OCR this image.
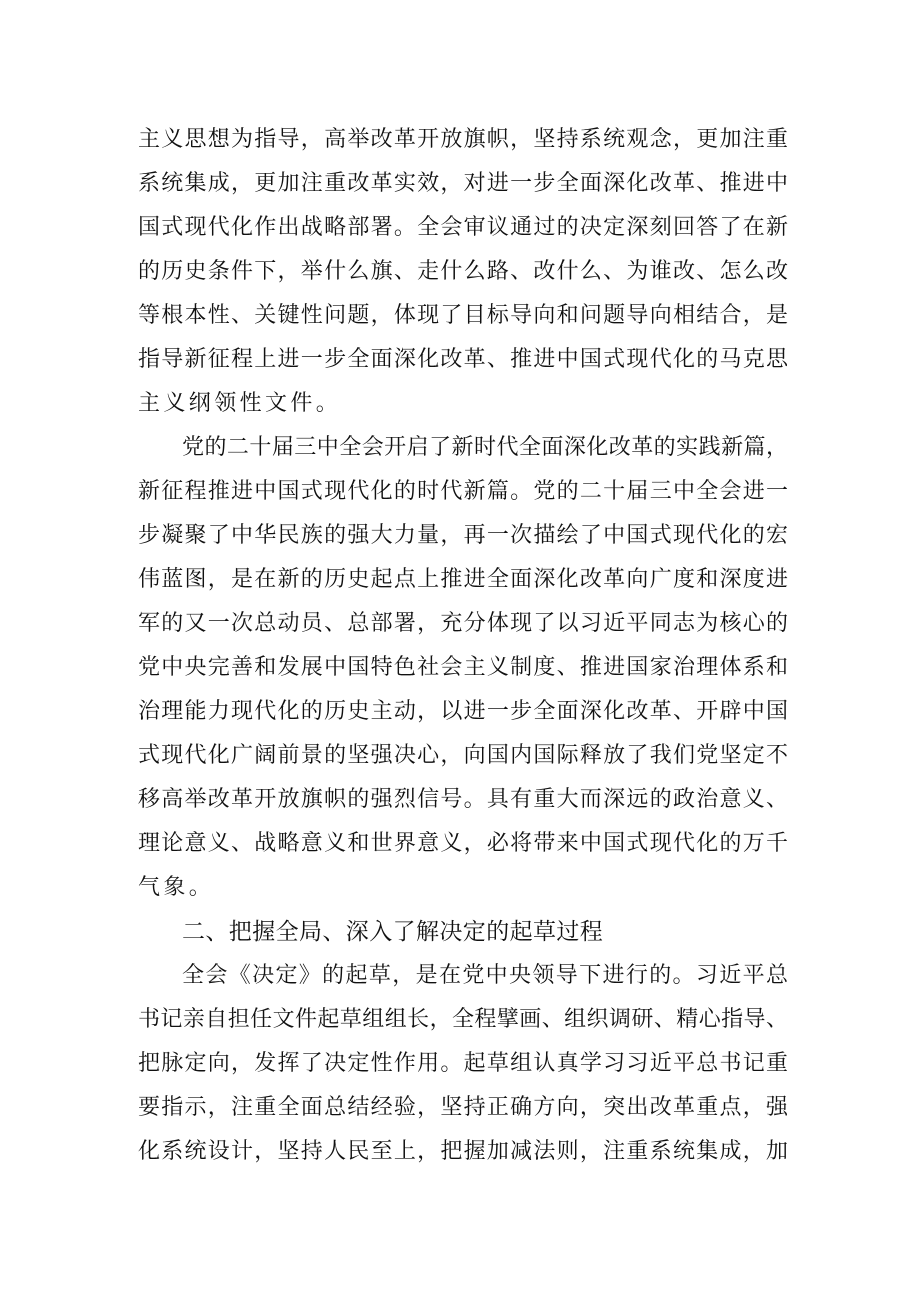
主义思想为指导，高举改革开放旗帜，坚持系统观念，更加注重
系统集成，更加注重改革实效，对进一步全面深化改革、推进中
国式现代化作出战略部署。全会审议通过的决定深刻回答了在新
的历史条件下，举什么旗、走什么路、改什么、为谁改、怎么改
等根本性、关键性问题，体现了目标导向和问题导向相结合，是
指导新征程上进一步全面深化改革、推进中国式现代化的马克思
主义纲领性文件。
党的二十届三中全会开启了新时代全面深化改革的实践新篇，
新征程推进中国式现代化的时代新篇。党的二十届三中全会进一
步凝聚了中华民族的强大力量，再一次描绘了中国式现代化的宏
伟蓝图，是在新的历史起点上推进全面深化改革向广度和深度进
军的又一次总动员、总部署，充分体现了以习近平同志为核心的
党中央完善和发展中国特色社会主义制度、推进国家治理体系和
治理能力现代化的历史主动，以进一步全面深化改革、开辟中国
式现代化广阔前景的坚强决心，向国内国际释放了我们党坚定不
移高举改革开放旗帜的强烈信号。具有重大而深远的政治意义、
理论意义、战略意义和世界意义，必将带来中国式现代化的万千
气象。
二、把握全局、深入了解决定的起草过程
全会《决定》的起草，是在党中央领导下进行的。习近平总
书记亲自担任文件起草组组长，全程擘画、组织调研、精心指导、
把脉定向，发挥了决定性作用。起草组认真学习习近平总书记重
要指示，注重全面总结经验，坚持正确方向，突出改革重点，强
化系统设计，坚持人民至上，把握加减法则，注重系统集成，加
